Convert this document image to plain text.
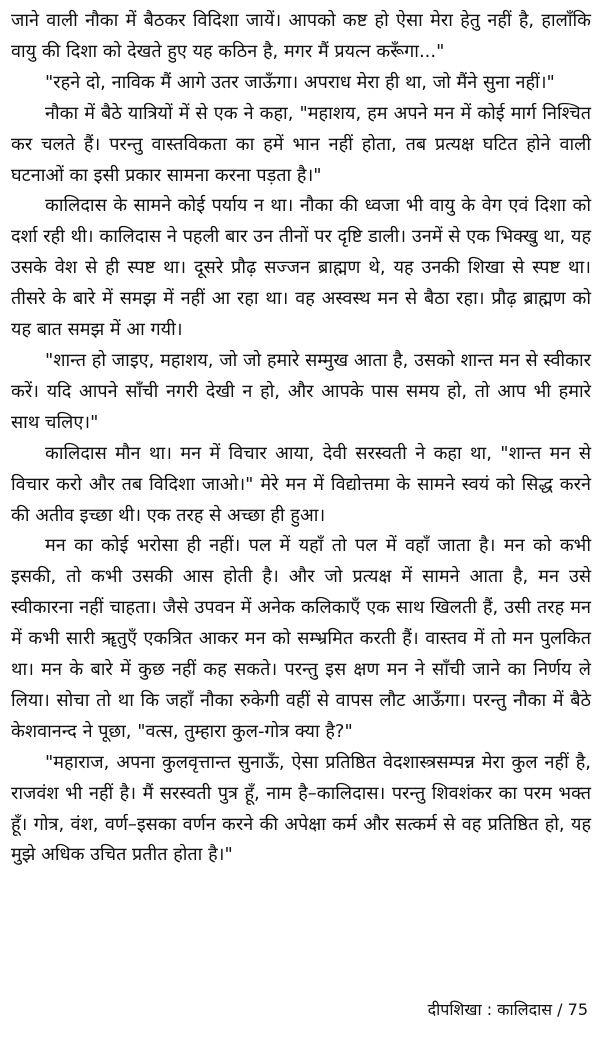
जाने वाली नौका में बैठकर विदिशा जायें। आपको कष्ट हो ऐसा मेरा हेतु नहीं है, हालाँकि वायु की दिशा को देखते हुए यह कठिन है, मगर मैं प्रयत्न करूँगा..."

"रहने दो, नाविक मैं आगे उतर जाऊँगा। अपराध मेरा ही था, जो मैंने सुना नहीं।"

नौका में बैठे यात्रियों में से एक ने कहा, "महाशय, हम अपने मन में कोई मार्ग निश्चित कर चलते हैं। परन्तु वास्तविकता का हमें भान नहीं होता, तब प्रत्यक्ष घटित होने वाली घटनाओं का इसी प्रकार सामना करना पड़ता है।"

कालिदास के सामने कोई पर्याय न था। नौका की ध्वजा भी वायु के वेग एवं दिशा को दर्शा रही थी। कालिदास ने पहली बार उन तीनों पर दृष्टि डाली। उनमें से एक भिक्खु था, यह उसके वेश से ही स्पष्ट था। दूसरे प्रौढ़ सज्जन ब्राह्मण थे, यह उनकी शिखा से स्पष्ट था। तीसरे के बारे में समझ में नहीं आ रहा था। वह अस्वस्थ मन से बैठा रहा। प्रौढ़ ब्राह्मण को यह बात समझ में आ गयी।

"शान्त हो जाइए, महाशय, जो जो हमारे सम्मुख आता है, उसको शान्त मन से स्वीकार करें। यदि आपने साँची नगरी देखी न हो, और आपके पास समय हो, तो आप भी हमारे साथ चलिए।"

कालिदास मौन था। मन में विचार आया, देवी सरस्वती ने कहा था, "शान्त मन से विचार करो और तब विदिशा जाओ।" मेरे मन में विद्योत्तमा के सामने स्वयं को सिद्ध करने की अतीव इच्छा थी। एक तरह से अच्छा ही हुआ।

मन का कोई भरोसा ही नहीं। पल में यहाँ तो पल में वहाँ जाता है। मन को कभी इसकी, तो कभी उसकी आस होती है। और जो प्रत्यक्ष में सामने आता है, मन उसे स्वीकारना नहीं चाहता। जैसे उपवन में अनेक कलिकाएँ एक साथ खिलती हैं, उसी तरह मन में कभी सारी ॠतुएँ एकत्रित आकर मन को सम्भ्रमित करती हैं। वास्तव में तो मन पुलकित था। मन के बारे में कुछ नहीं कह सकते। परन्तु इस क्षण मन ने साँची जाने का निर्णय ले लिया। सोचा तो था कि जहाँ नौका रुकेगी वहीं से वापस लौट आऊँगा। परन्तु नौका में बैठे केशवानन्द ने पूछा, "वत्स, तुम्हारा कुल-गोत्र क्या है?"

"महाराज, अपना कुलवृत्तान्त सुनाऊँ, ऐसा प्रतिष्ठित वेदशास्त्रसम्पन्न मेरा कुल नहीं है, राजवंश भी नहीं है। मैं सरस्वती पुत्र हूँ, नाम है–कालिदास। परन्तु शिवशंकर का परम भक्त हूँ। गोत्र, वंश, वर्ण–इसका वर्णन करने की अपेक्षा कर्म और सत्कर्म से वह प्रतिष्ठित हो, यह मुझे अधिक उचित प्रतीत होता है।"

दीपशिखा : कालिदास / 75
